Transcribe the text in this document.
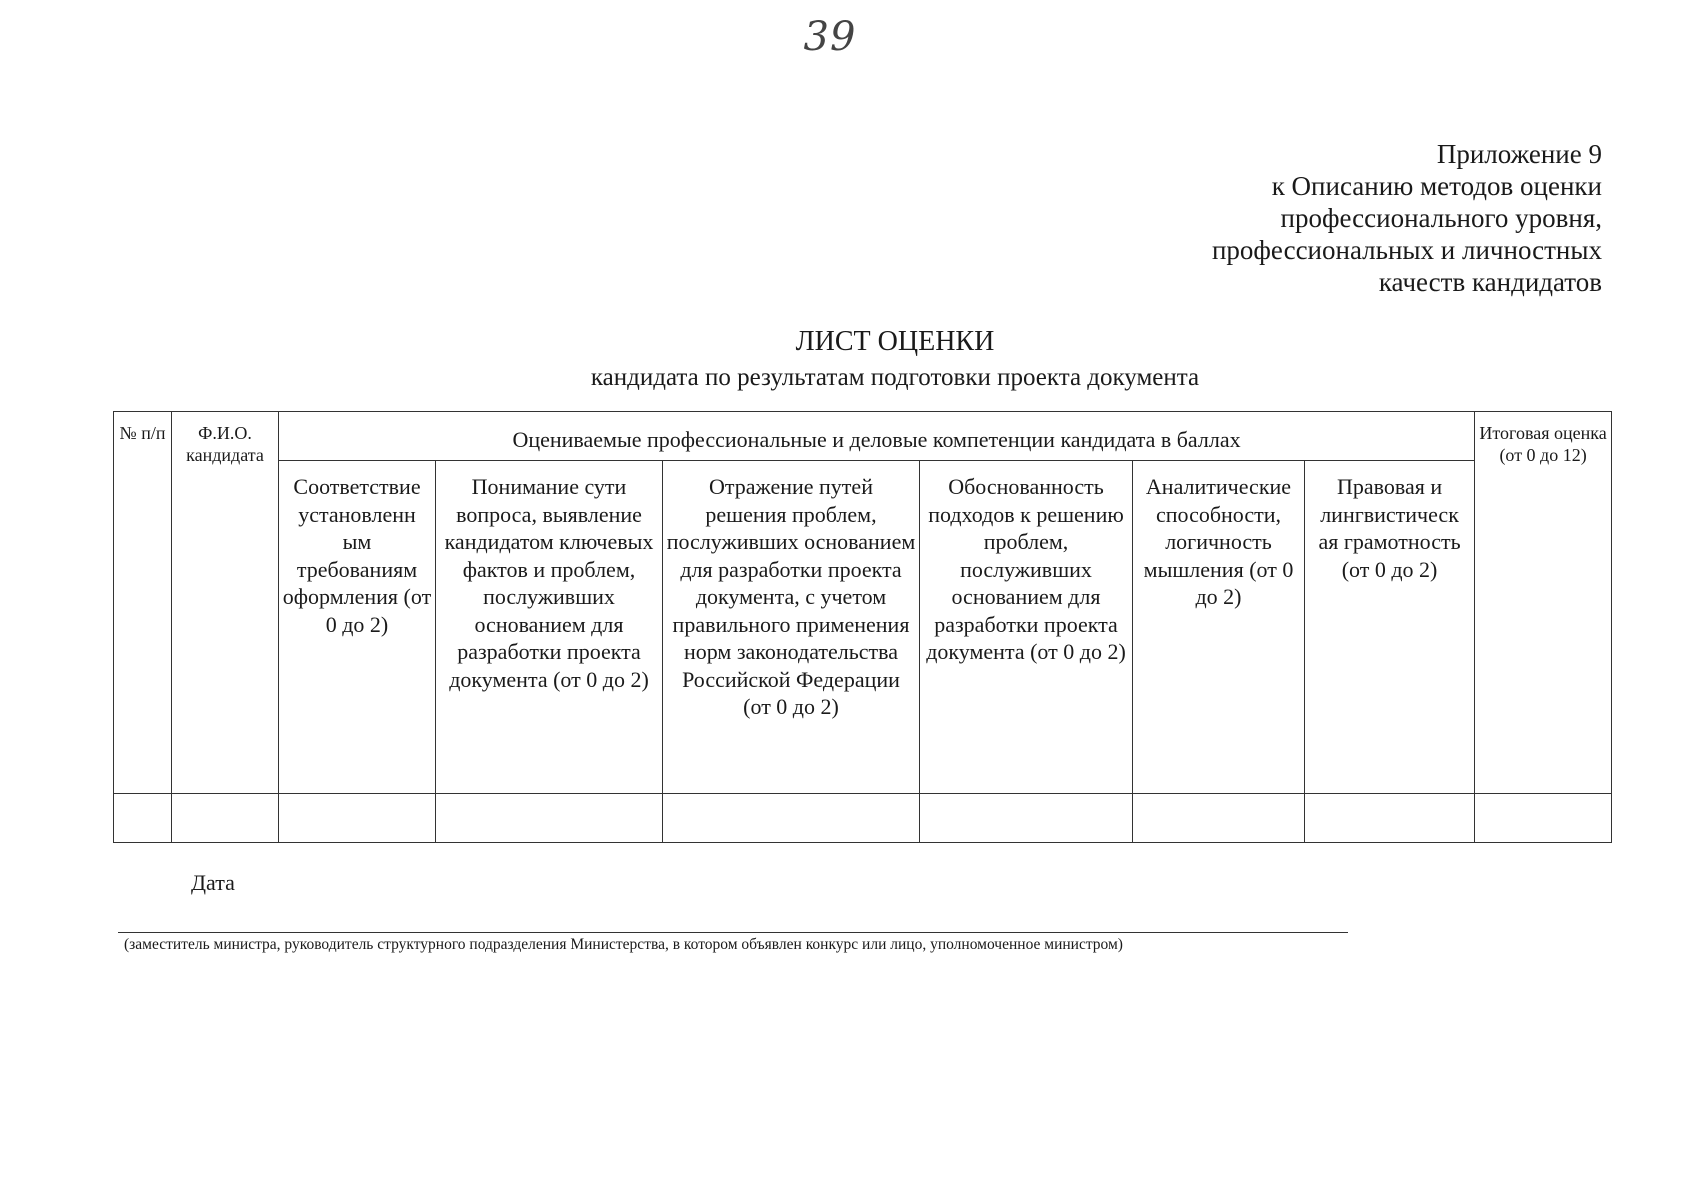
39
Приложение 9
к Описанию методов оценки
профессионального уровня,
профессиональных и личностных
качеств кандидатов
ЛИСТ ОЦЕНКИ
кандидата по результатам подготовки проекта документа
№ п/п	Ф.И.О. кандидата	Оцениваемые профессиональные и деловые компетенции кандидата в баллах						Итоговая оценка (от 0 до 12)
		Соответствие установленн ым требованиям оформления (от 0 до 2)	Понимание сути вопроса, выявление кандидатом ключевых фактов и проблем, послуживших основанием для разработки проекта документа (от 0 до 2)	Отражение путей решения проблем, послуживших основанием для разработки проекта документа, с учетом правильного применения норм законодательства Российской Федерации (от 0 до 2)	Обоснованность подходов к решению проблем, послуживших основанием для разработки проекта документа (от 0 до 2)	Аналитические способности, логичность мышления (от 0 до 2)	Правовая и лингвистическ ая грамотность (от 0 до 2)	

Дата
(заместитель министра, руководитель структурного подразделения Министерства, в котором объявлен конкурс или лицо, уполномоченное министром)
